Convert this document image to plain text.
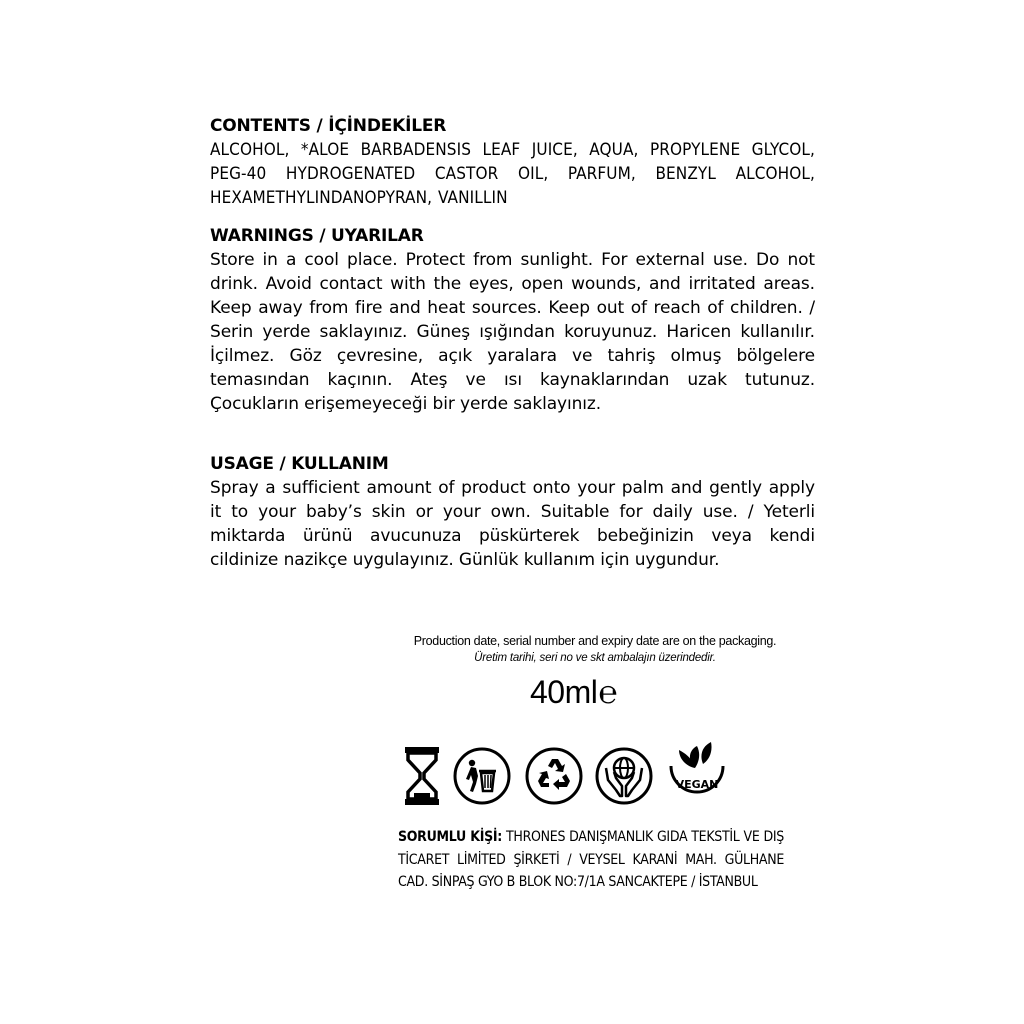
CONTENTS / İÇİNDEKİLER

ALCOHOL, *ALOE BARBADENSIS LEAF JUICE, AQUA, PROPYLENE GLYCOL, PEG-40 HYDROGENATED CASTOR OIL, PARFUM, BENZYL ALCOHOL, HEXAMETHYLINDANOPYRAN, VANILLIN

WARNINGS / UYARILAR

Store in a cool place. Protect from sunlight. For external use. Do not drink. Avoid contact with the eyes, open wounds, and irritated areas. Keep away from fire and heat sources. Keep out of reach of children. / Serin yerde saklayınız. Güneş ışığından koruyunuz. Haricen kullanılır. İçilmez. Göz çevresine, açık yaralara ve tahriş olmuş bölgelere temasından kaçının. Ateş ve ısı kaynaklarından uzak tutunuz. Çocukların erişemeyeceği bir yerde saklayınız.

USAGE / KULLANIM

Spray a sufficient amount of product onto your palm and gently apply it to your baby’s skin or your own. Suitable for daily use. / Yeterli miktarda ürünü avucunuza püskürterek bebeğinizin veya kendi cildinize nazikçe uygulayınız. Günlük kullanım için uygundur.

Production date, serial number and expiry date are on the packaging.
Üretim tarihi, seri no ve skt ambalajın üzerindedir.
40ml℮
VEGAN
SORUMLU KİŞİ: THRONES DANIŞMANLIK GIDA TEKSTİL VE DIŞ TİCARET LİMİTED ŞİRKETİ / VEYSEL KARANİ MAH. GÜLHANE CAD. SİNPAŞ GYO B BLOK NO:7/1A SANCAKTEPE / İSTANBUL
